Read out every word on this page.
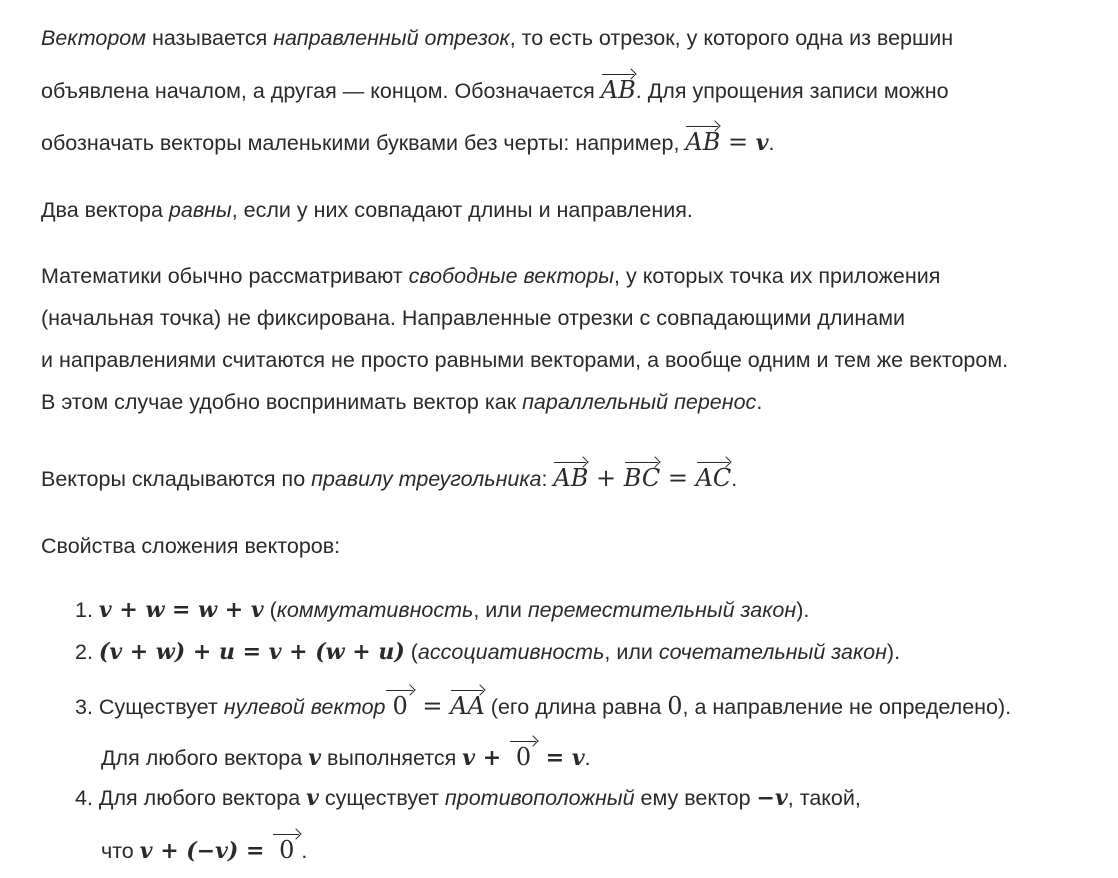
Вектором называется направленный отрезок, то есть отрезок, у которого одна из вершин
объявлена началом, а другая — концом. Обозначается AB. Для упрощения записи можно
обозначать векторы маленькими буквами без черты: например, AB = v.
Два вектора равны, если у них совпадают длины и направления.
Математики обычно рассматривают свободные векторы, у которых точка их приложения
(начальная точка) не фиксирована. Направленные отрезки с совпадающими длинами
и направлениями считаются не просто равными векторами, а вообще одним и тем же вектором.
В этом случае удобно воспринимать вектор как параллельный перенос.
Векторы складываются по правилу треугольника: AB + BC = AC.
Свойства сложения векторов:
1. v + w = w + v (коммутативность, или переместительный закон).
2. (v + w) + u = v + (w + u) (ассоциативность, или сочетательный закон).
3. Существует нулевой вектор 0 = AA (его длина равна 0, а направление не определено).
Для любого вектора v выполняется v + 0 = v.
4. Для любого вектора v существует противоположный ему вектор −v, такой,
что v + (−v) = 0 .
